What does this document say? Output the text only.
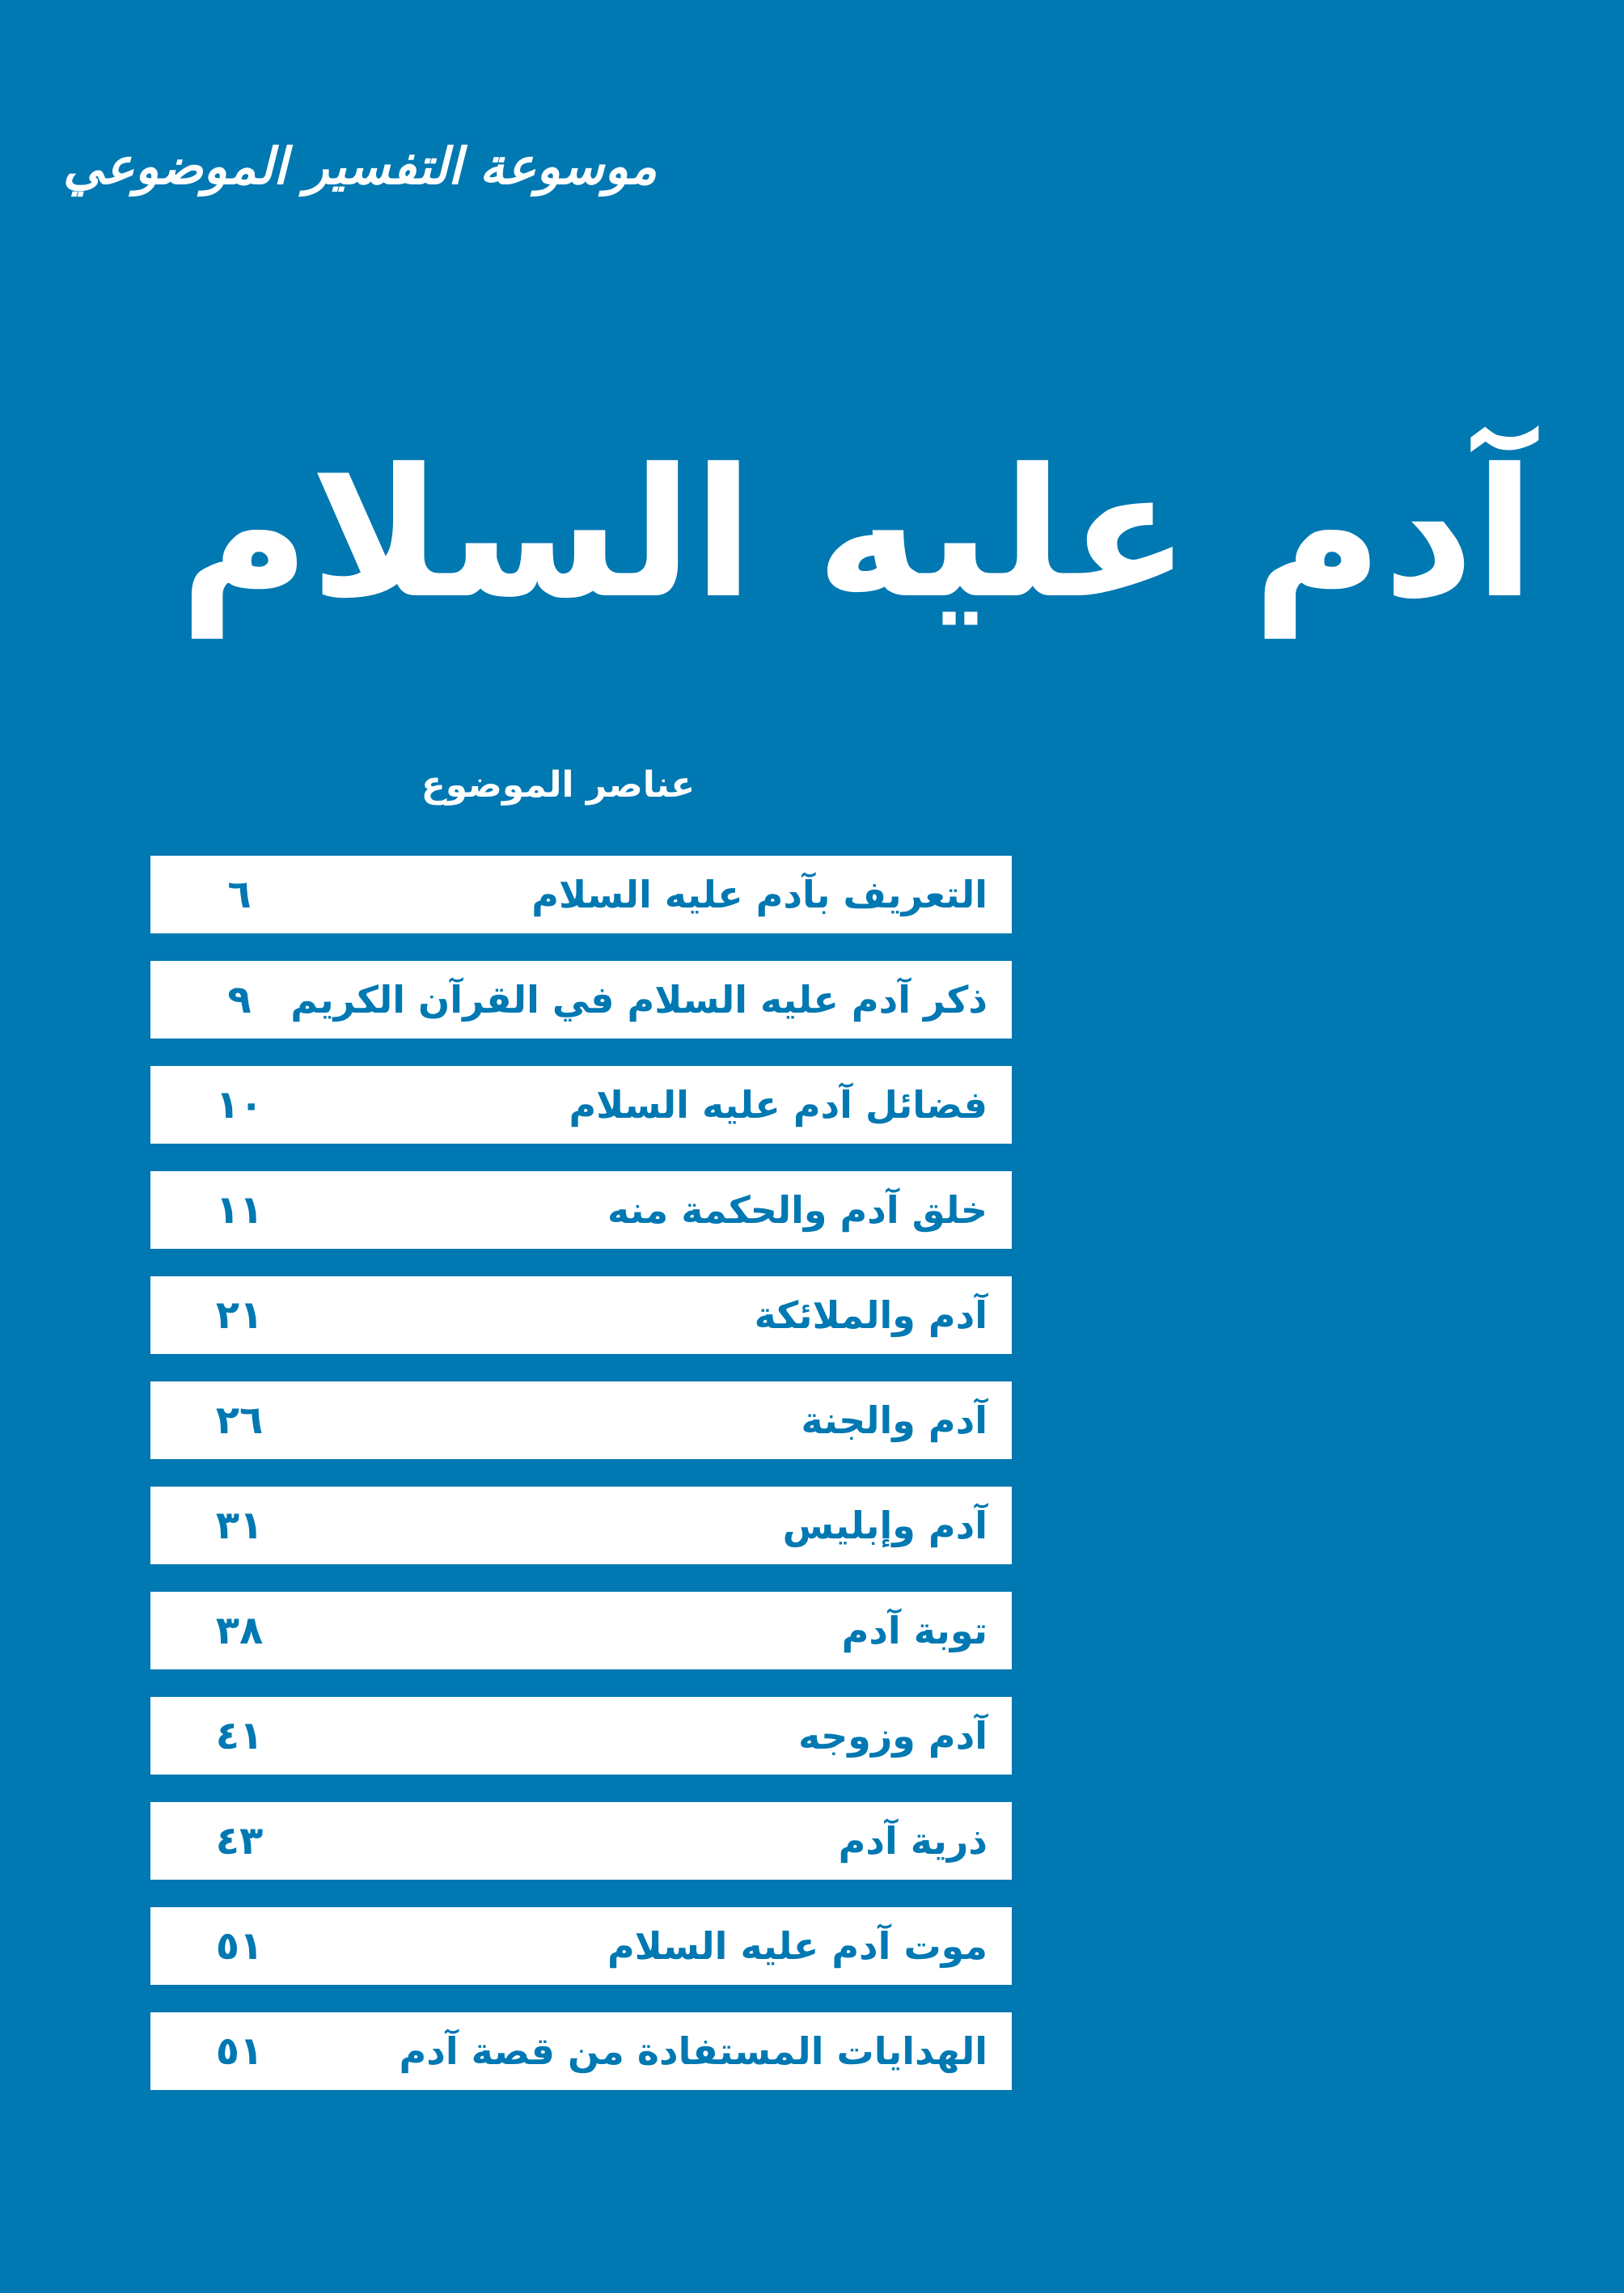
موسوعة التفسير الموضوعي
آدم عليه السلام
عناصر الموضوع
التعريف بآدم عليه السلام
٦
ذكر آدم عليه السلام في القرآن الكريم
٩
فضائل آدم عليه السلام
١٠
خلق آدم والحكمة منه
١١
آدم والملائكة
٢١
آدم والجنة
٢٦
آدم وإبليس
٣١
توبة آدم
٣٨
آدم وزوجه
٤١
ذرية آدم
٤٣
موت آدم عليه السلام
٥١
الهدايات المستفادة من قصة آدم
٥١
